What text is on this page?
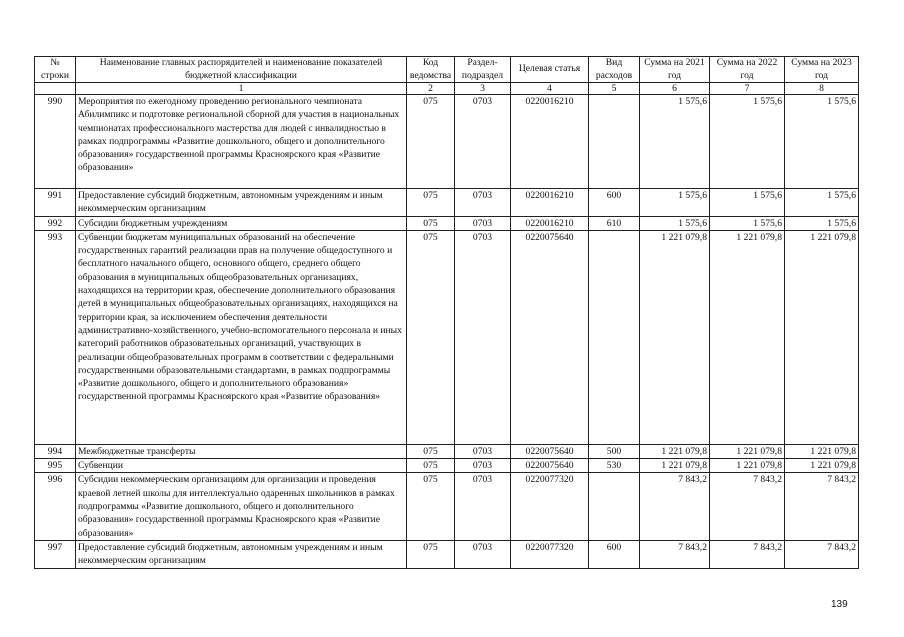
№ строки	Наименование главных распорядителей и наименование показателей бюджетной классификации	Код ведомства	Раздел-подраздел	Целевая статья	Вид расходов	Сумма на 2021 год	Сумма на 2022 год	Сумма на 2023 год
	1	2	3	4	5	6	7	8
990	Мероприятия по ежегодному проведению регионального чемпионата Абилимпикс и подготовке региональной сборной для участия в национальных чемпионатах профессионального мастерства для людей с инвалидностью в рамках подпрограммы «Развитие дошкольного, общего и дополнительного образования» государственной программы Красноярского края «Развитие образования»	075	0703	0220016210		1 575,6	1 575,6	1 575,6
991	Предоставление субсидий бюджетным, автономным учреждениям и иным некоммерческим организациям	075	0703	0220016210	600	1 575,6	1 575,6	1 575,6
992	Субсидии бюджетным учреждениям	075	0703	0220016210	610	1 575,6	1 575,6	1 575,6
993	Субвенции бюджетам муниципальных образований на обеспечение государственных гарантий реализации прав на получение общедоступного и бесплатного начального общего, основного общего, среднего общего образования в муниципальных общеобразовательных организациях, находящихся на территории края, обеспечение дополнительного образования детей в муниципальных общеобразовательных организациях, находящихся на территории края, за исключением обеспечения деятельности административно-хозяйственного, учебно-вспомогательного персонала и иных категорий работников образовательных организаций, участвующих в реализации общеобразовательных программ в соответствии с федеральными государственными образовательными стандартами, в рамках подпрограммы «Развитие дошкольного, общего и дополнительного образования» государственной программы Красноярского края «Развитие образования»	075	0703	0220075640		1 221 079,8	1 221 079,8	1 221 079,8
994	Межбюджетные трансферты	075	0703	0220075640	500	1 221 079,8	1 221 079,8	1 221 079,8
995	Субвенции	075	0703	0220075640	530	1 221 079,8	1 221 079,8	1 221 079,8
996	Субсидии некоммерческим организациям для организации и проведения краевой летней школы для интеллектуально одаренных школьников в рамках подпрограммы «Развитие дошкольного, общего и дополнительного образования» государственной программы Красноярского края «Развитие образования»	075	0703	0220077320		7 843,2	7 843,2	7 843,2
997	Предоставление субсидий бюджетным, автономным учреждениям и иным некоммерческим организациям	075	0703	0220077320	600	7 843,2	7 843,2	7 843,2
139
